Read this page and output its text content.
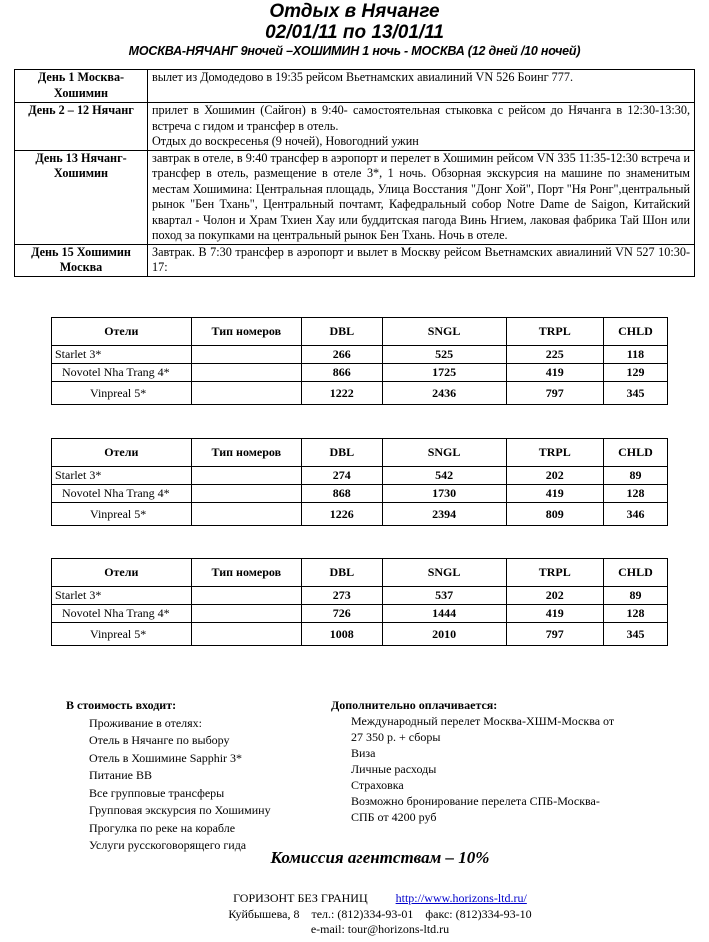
Отдых в Нячанге
02/01/11 по 13/01/11
МОСКВА-НЯЧАНГ 9ночей –ХОШИМИН 1 ночь - МОСКВА (12 дней /10 ночей)
День 1 Москва-Хошимин	вылет из Домодедово в 19:35 рейсом Вьетнамских авиалиний VN 526 Боинг 777.
День 2 – 12 Нячанг	прилет в Хошимин (Сайгон) в 9:40- самостоятельная стыковка с рейсом до Нячанга в 12:30-13:30, встреча с гидом и трансфер в отель.
Отдых до воскресенья (9 ночей), Новогодний ужин

День 13 Нячанг-Хошимин	завтрак в отеле, в 9:40 трансфер в аэропорт и перелет в Хошимин рейсом VN 335 11:35-12:30 встреча и трансфер в отель, размещение в отеле 3*, 1 ночь. Обзорная экскурсия на машине по знаменитым местам Хошимина: Центральная площадь, Улица Восстания "Донг Хой", Порт "Ня Ронг",центральный рынок "Бен Тхань", Центральный почтамт, Кафедральный собор Notre Dame de Saigon, Китайский квартал - Чолон и Храм Тхиен Хау или буддитская пагода Винь Нгием, лаковая фабрика Тай Шон или поход за покупками на центральный рынок Бен Тхань. Ночь в отеле.
День 15 Хошимин Москва	Завтрак. В 7:30 трансфер в аэропорт и вылет в Москву рейсом Вьетнамских авиалиний VN 527 10:30-17:
Отели	Тип номеров	DBL	SNGL	TRPL	CHLD
Starlet 3*		266	525	225	118
Novotel Nha Trang 4*		866	1725	419	129
Vinpreal 5*		1222	2436	797	345
Отели	Тип номеров	DBL	SNGL	TRPL	CHLD
Starlet 3*		274	542	202	89
Novotel Nha Trang 4*		868	1730	419	128
Vinpreal 5*		1226	2394	809	346
Отели	Тип номеров	DBL	SNGL	TRPL	CHLD
Starlet 3*		273	537	202	89
Novotel Nha Trang 4*		726	1444	419	128
Vinpreal 5*		1008	2010	797	345
В стоимость входит:
Проживание в отелях:
Отель в Нячанге по выбору
Отель в Хошимине Sapphir 3*
Питание BB
Все групповые трансферы
Групповая экскурсия по Хошимину
Прогулка по реке на корабле
Услуги русскоговорящего гида
Дополнительно оплачивается:
Международный перелет Москва-ХШМ-Москва от
27 350 р. + сборы
Виза
Личные расходы
Страховка
Возможно бронирование перелета СПБ-Москва-
СПБ от 4200 руб
Комиссия агентствам – 10%
ГОРИЗОНТ БЕЗ ГРАНИЦ http://www.horizons-ltd.ru/
Куйбышева, 8 тел.: (812)334-93-01 факс: (812)334-93-10
e-mail: tour@horizons-ltd.ru
